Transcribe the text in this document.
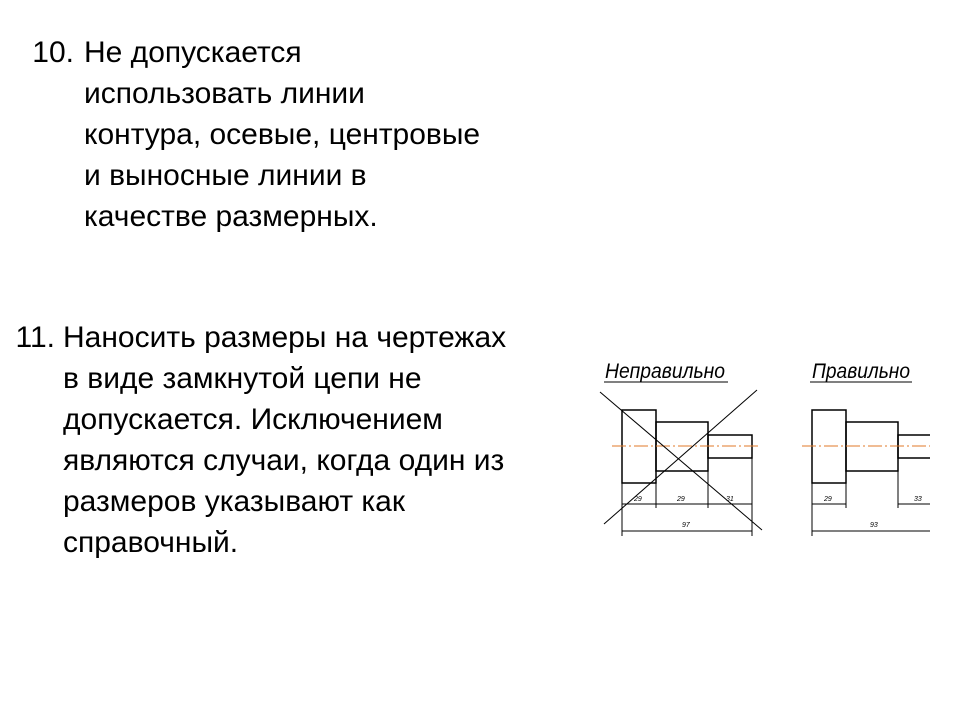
10. Не допускается
использовать линии
контура, осевые, центровые
и выносные линии в
качестве размерных.
11. Наносить размеры на чертежах
в виде замкнутой цепи не
допускается. Исключением
являются случаи, когда один из
размеров указывают как
справочный.
Неправильно
29	29	31
97
Правильно
29	33
93
